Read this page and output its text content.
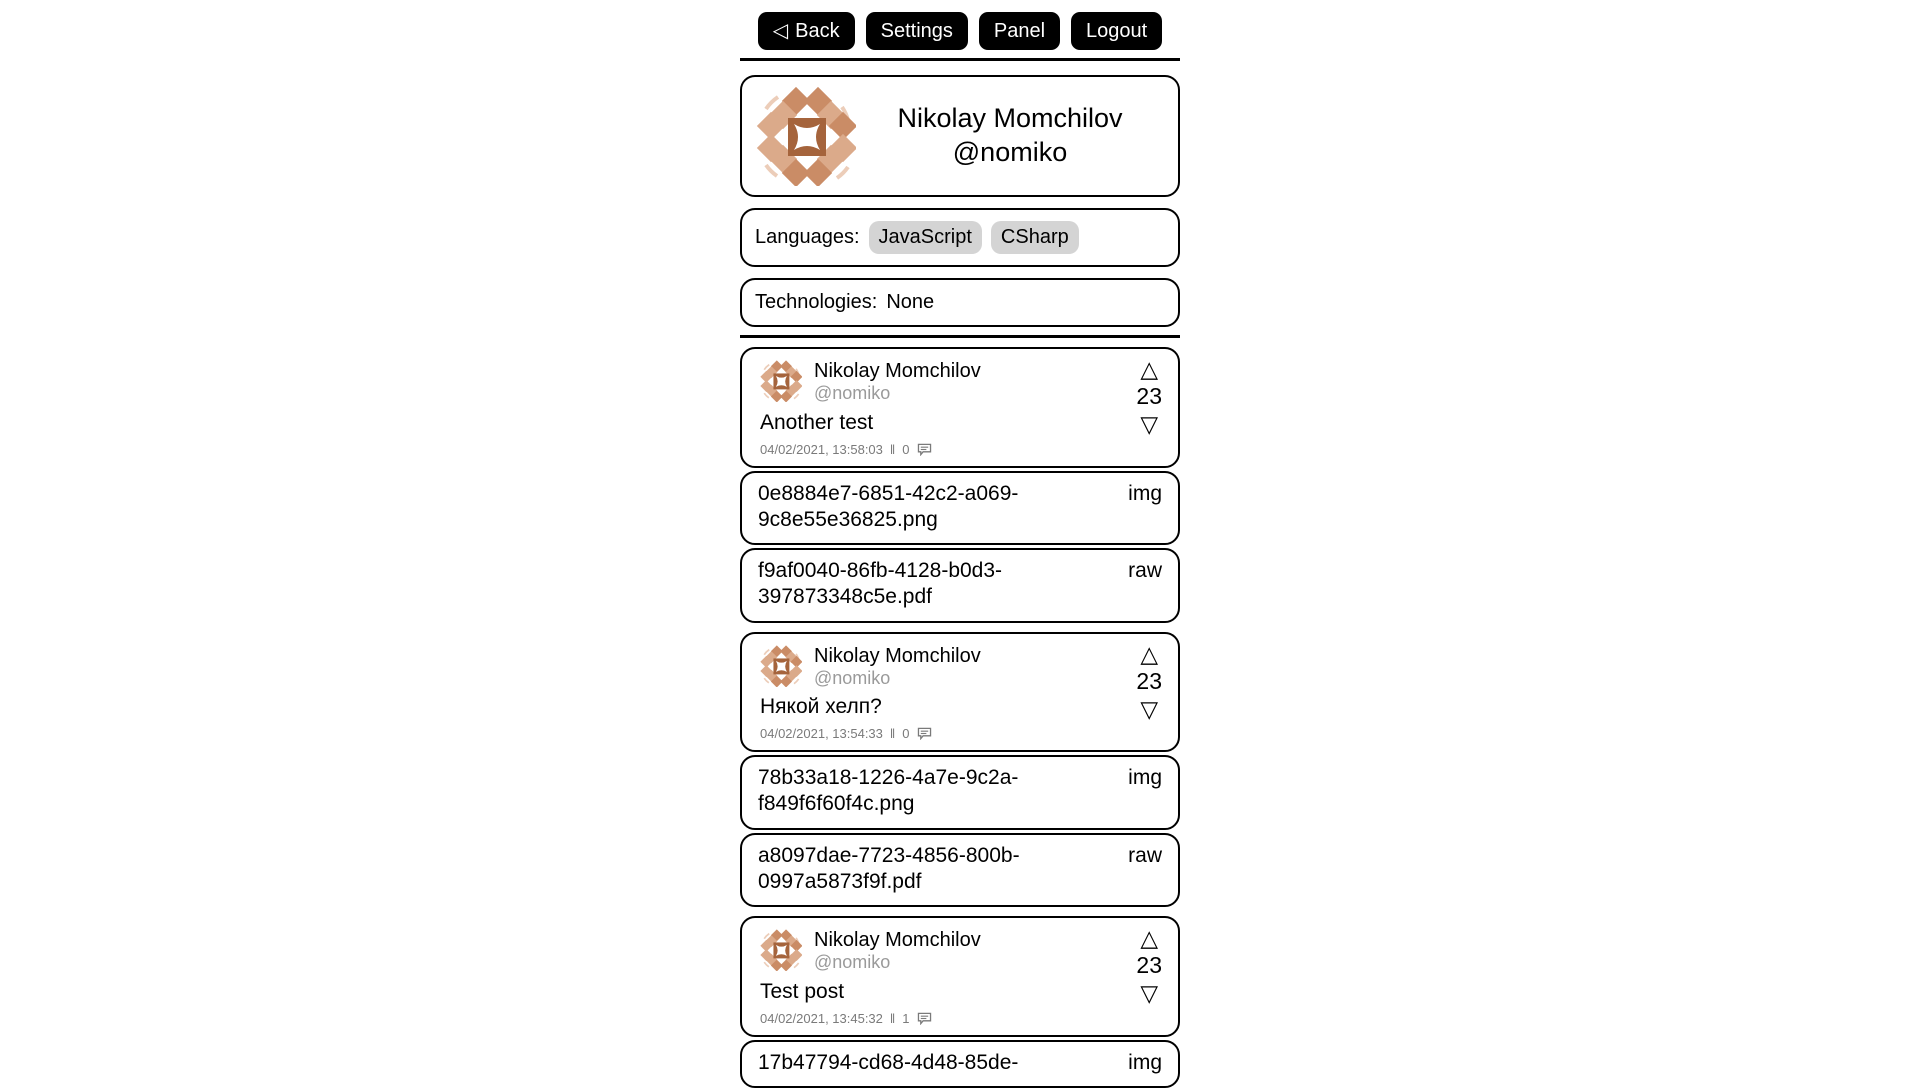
◁ Back	Settings	Panel	Logout
Nikolay Momchilov
@nomiko
Languages: JavaScript	CSharp
Technologies: None
Nikolay Momchilov
@nomiko
Another test
04/02/2021, 13:58:03 ‖ 0
△
23
▽
0e8884e7-6851-42c2-a069-9c8e55e36825.png
img
f9af0040-86fb-4128-b0d3-397873348c5e.pdf
raw
Nikolay Momchilov
@nomiko
Някой хелп?
04/02/2021, 13:54:33 ‖ 0
△
23
▽
78b33a18-1226-4a7e-9c2a-f849f6f60f4c.png
img
a8097dae-7723-4856-800b-0997a5873f9f.pdf
raw
Nikolay Momchilov
@nomiko
Test post
04/02/2021, 13:45:32 ‖ 1
△
23
▽
17b47794-cd68-4d48-85de-	img
